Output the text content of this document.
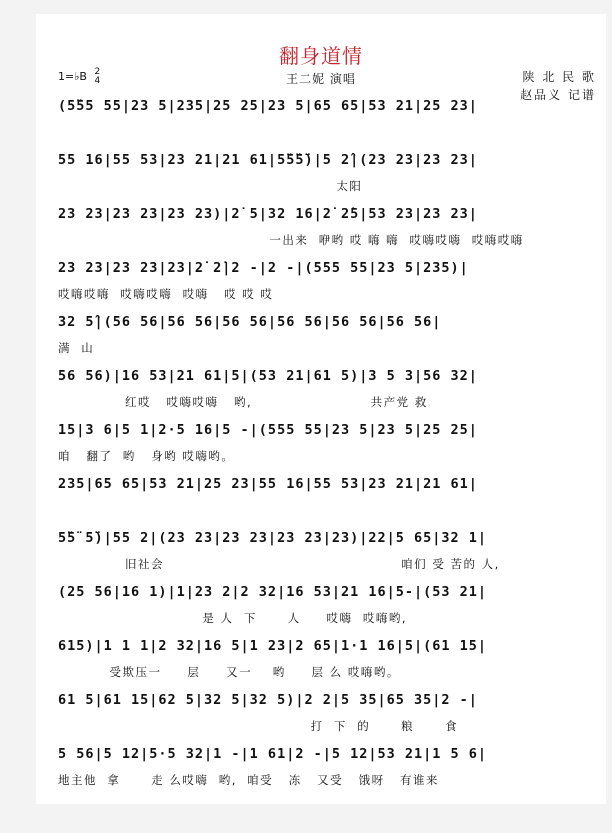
翻身道情
1=♭B 2
4	王二妮 演唱	陕 北 民 歌
赵品义 记谱
(5̈55 55|23 5|235|25 25|23 5|65 65|53 21|25 23|
55 16|55 53|23 21|21 61|5̈5̈5̈)|5 2̂|(23 23|23 23|
太阳
23 23|23 23|23 23)|2̇ 5|32 16|2̇ 2̇5|53 23|23 23|
一出来  咿哟 哎 嗨 嗨  哎嗨哎嗨  哎嗨哎嗨
23 23|23 23|23|2̇ 2̇|2 -|2 -|(555 55|23 5|235)|
哎嗨哎嗨  哎嗨哎嗨  哎嗨   哎 哎 哎
32 5̂|(56 56|56 56|56 56|56 56|56 56|56 56|
满  山
56 56)|16 53|21 61|5|(53 21|61 5)|3 5 3|56 32|
红哎   哎嗨哎嗨   哟,                       共产党 救
15|3 6|5 1|2·5 16|5 -|(555 55|23 5|23 5|25 25|
咱   翻了  哟   身哟 哎嗨哟。
235|65 65|53 21|25 23|55 16|55 53|23 21|21 61|
5̈5̈ 5̈)|55 2|(23 23|23 23|23 23|23)|22|5 65|32 1|
旧社会                                              咱们 受 苦的 人,
(25 56|16 1)|1|23 2|2 32|16 53|21 16|5-|(53 21|
是 人  下      人     哎嗨  哎嗨哟,
615)|1 1 1|2 32|16 5|1 23|2 65|1·1 16|5|(61 15|
受欺压一     层     又一    哟     层 么 哎嗨哟。
61 5|61 15|62 5|32 5|32 5)|2 2|5 35|65 35|2 -|
打  下  的      粮      食
5 56|5 12|5·5 32|1 -|1 61|2 -|5 12|53 21|1 5 6|
地主他  拿      走 么哎嗨  哟,  咱受   冻   又受   饿呀   有谁来
